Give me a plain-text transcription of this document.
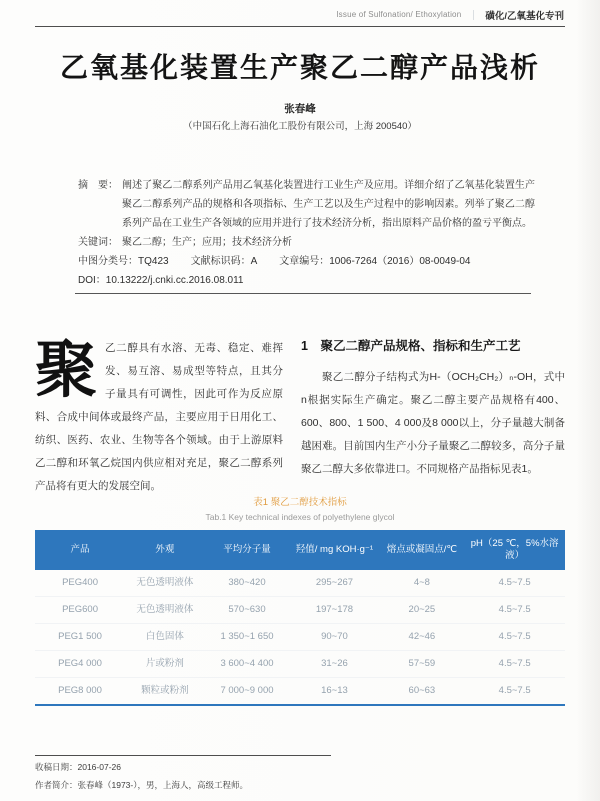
Issue of Sulfonation/ Ethoxylation ｜ 磺化/乙氧基化专刊
乙氧基化装置生产聚乙二醇产品浅析
张春峰
（中国石化上海石油化工股份有限公司，上海 200540）
摘　要： 阐述了聚乙二醇系列产品用乙氧基化装置进行工业生产及应用。详细介绍了乙氧基化装置生产聚乙二醇系列产品的规格和各项指标、生产工艺以及生产过程中的影响因素。列举了聚乙二醇系列产品在工业生产各领域的应用并进行了技术经济分析，指出原料产品价格的盈亏平衡点。
关键词： 聚乙二醇；生产；应用；技术经济分析
中图分类号：TQ423 文献标识码：A 文章编号：1006-7264（2016）08-0049-04
DOI：10.13222/j.cnki.cc.2016.08.011
聚乙二醇具有水溶、无毒、稳定、难挥发、易互溶、易成型等特点，且其分子量具有可调性，因此可作为反应原料、合成中间体或最终产品，主要应用于日用化工、纺织、医药、农业、生物等各个领域。由于上游原料乙二醇和环氧乙烷国内供应相对充足，聚乙二醇系列产品将有更大的发展空间。
1　聚乙二醇产品规格、指标和生产工艺
聚乙二醇分子结构式为H-（OCH₂CH₂）ₙ-OH，式中n根据实际生产确定。聚乙二醇主要产品规格有400、600、800、1 500、4 000及8 000以上，分子量越大制备越困难。目前国内生产小分子量聚乙二醇较多，高分子量聚乙二醇大多依靠进口。不同规格产品指标见表1。
表1 聚乙二醇技术指标
Tab.1 Key technical indexes of polyethylene glycol
产品	外观	平均分子量	羟值/ mg KOH·g⁻¹	熔点或凝固点/℃	pH（25 ℃，5%水溶液）
PEG400	无色透明液体	380~420	295~267	4~8	4.5~7.5
PEG600	无色透明液体	570~630	197~178	20~25	4.5~7.5
PEG1 500	白色固体	1 350~1 650	90~70	42~46	4.5~7.5
PEG4 000	片或粉剂	3 600~4 400	31~26	57~59	4.5~7.5
PEG8 000	颗粒或粉剂	7 000~9 000	16~13	60~63	4.5~7.5
收稿日期：2016-07-26
作者简介：张春峰（1973-），男，上海人，高级工程师。
